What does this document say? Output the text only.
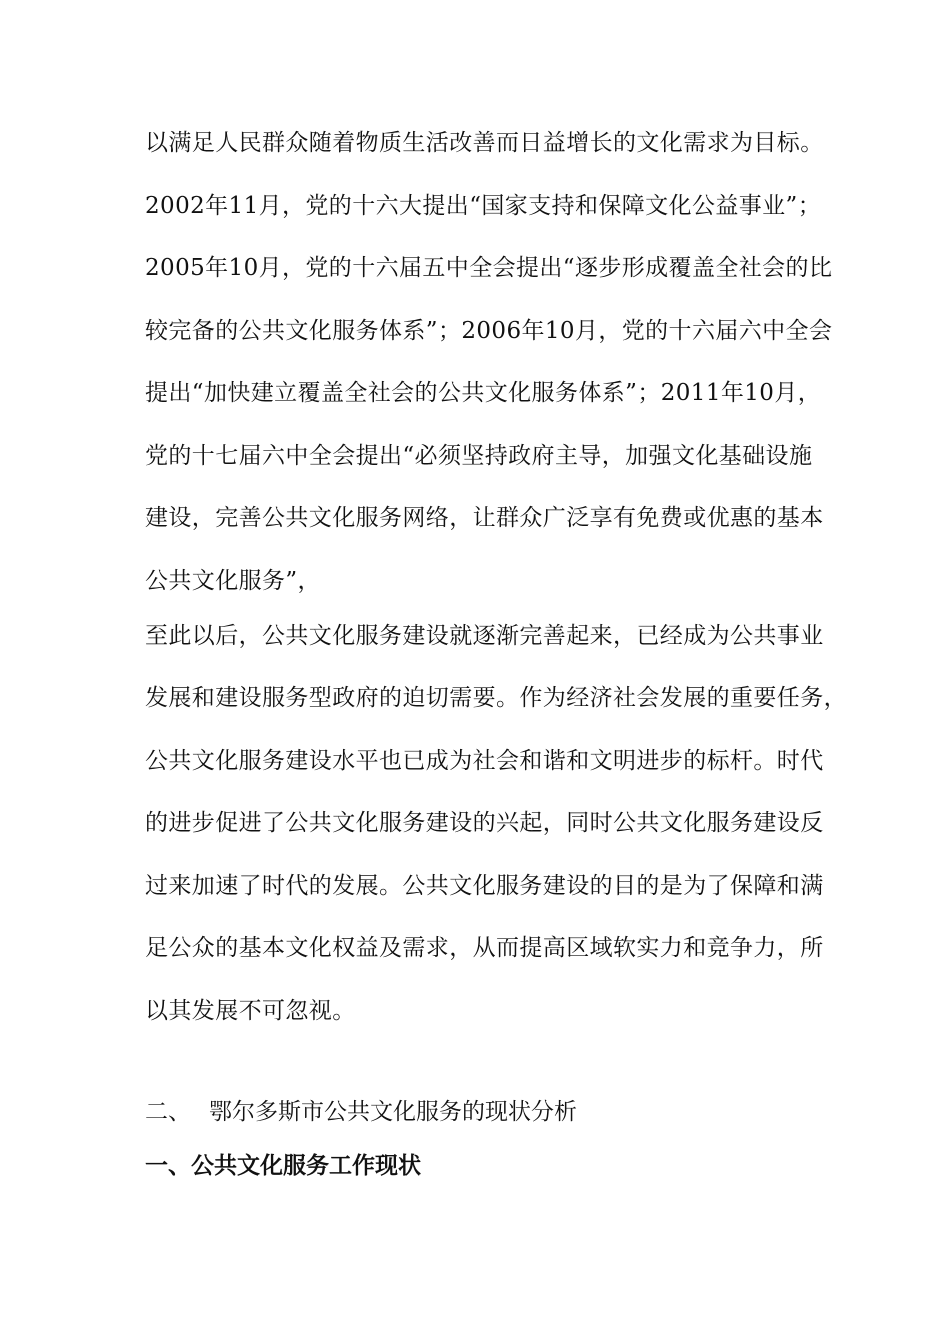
以满足人民群众随着物质生活改善而日益增长的文化需求为目标。
2002年11月，党的十六大提出“国家支持和保障文化公益事业”；
2005年10月，党的十六届五中全会提出“逐步形成覆盖全社会的比
较完备的公共文化服务体系”；2006年10月，党的十六届六中全会
提出“加快建立覆盖全社会的公共文化服务体系”；2011年10月，
党的十七届六中全会提出“必须坚持政府主导，加强文化基础设施
建设，完善公共文化服务网络，让群众广泛享有免费或优惠的基本
公共文化服务”，
至此以后，公共文化服务建设就逐渐完善起来，已经成为公共事业
发展和建设服务型政府的迫切需要。作为经济社会发展的重要任务，
公共文化服务建设水平也已成为社会和谐和文明进步的标杆。时代
的进步促进了公共文化服务建设的兴起，同时公共文化服务建设反
过来加速了时代的发展。公共文化服务建设的目的是为了保障和满
足公众的基本文化权益及需求，从而提高区域软实力和竞争力，所
以其发展不可忽视。
二、 鄂尔多斯市公共文化服务的现状分析
一、公共文化服务工作现状
